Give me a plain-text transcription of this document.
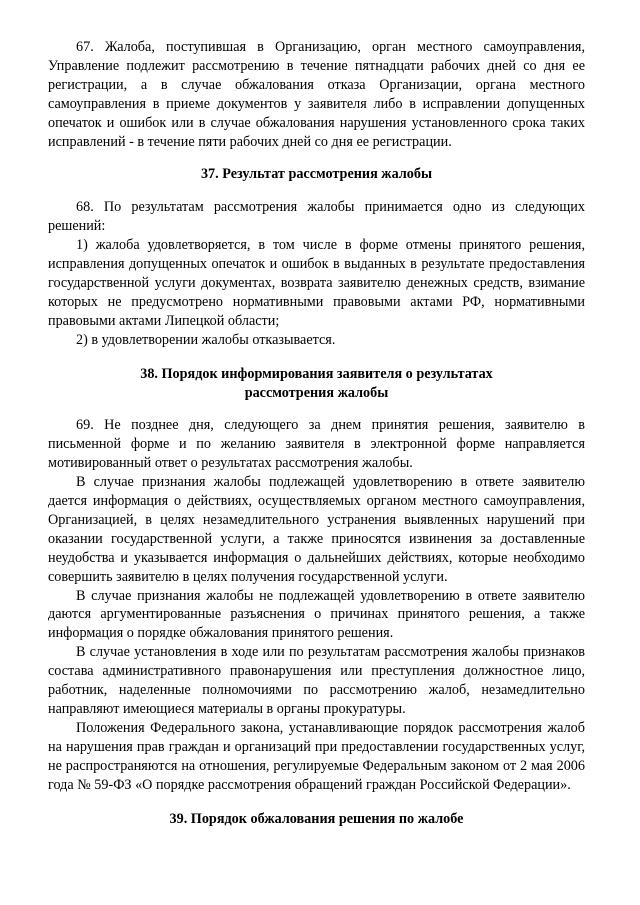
67. Жалоба, поступившая в Организацию, орган местного самоуправления, Управление подлежит рассмотрению в течение пятнадцати рабочих дней со дня ее регистрации, а в случае обжалования отказа Организации, органа местного самоуправления в приеме документов у заявителя либо в исправлении допущенных опечаток и ошибок или в случае обжалования нарушения установленного срока таких исправлений - в течение пяти рабочих дней со дня ее регистрации.

37. Результат рассмотрения жалобы

68. По результатам рассмотрения жалобы принимается одно из следующих решений:

1) жалоба удовлетворяется, в том числе в форме отмены принятого решения, исправления допущенных опечаток и ошибок в выданных в результате предоставления государственной услуги документах, возврата заявителю денежных средств, взимание которых не предусмотрено нормативными правовыми актами РФ, нормативными правовыми актами Липецкой области;

2) в удовлетворении жалобы отказывается.

38. Порядок информирования заявителя о результатах рассмотрения жалобы

69. Не позднее дня, следующего за днем принятия решения, заявителю в письменной форме и по желанию заявителя в электронной форме направляется мотивированный ответ о результатах рассмотрения жалобы.

В случае признания жалобы подлежащей удовлетворению в ответе заявителю дается информация о действиях, осуществляемых органом местного самоуправления, Организацией, в целях незамедлительного устранения выявленных нарушений при оказании государственной услуги, а также приносятся извинения за доставленные неудобства и указывается информация о дальнейших действиях, которые необходимо совершить заявителю в целях получения государственной услуги.

В случае признания жалобы не подлежащей удовлетворению в ответе заявителю даются аргументированные разъяснения о причинах принятого решения, а также информация о порядке обжалования принятого решения.

В случае установления в ходе или по результатам рассмотрения жалобы признаков состава административного правонарушения или преступления должностное лицо, работник, наделенные полномочиями по рассмотрению жалоб, незамедлительно направляют имеющиеся материалы в органы прокуратуры.

Положения Федерального закона, устанавливающие порядок рассмотрения жалоб на нарушения прав граждан и организаций при предоставлении государственных услуг, не распространяются на отношения, регулируемые Федеральным законом от 2 мая 2006 года № 59-ФЗ «О порядке рассмотрения обращений граждан Российской Федерации».

39. Порядок обжалования решения по жалобе
